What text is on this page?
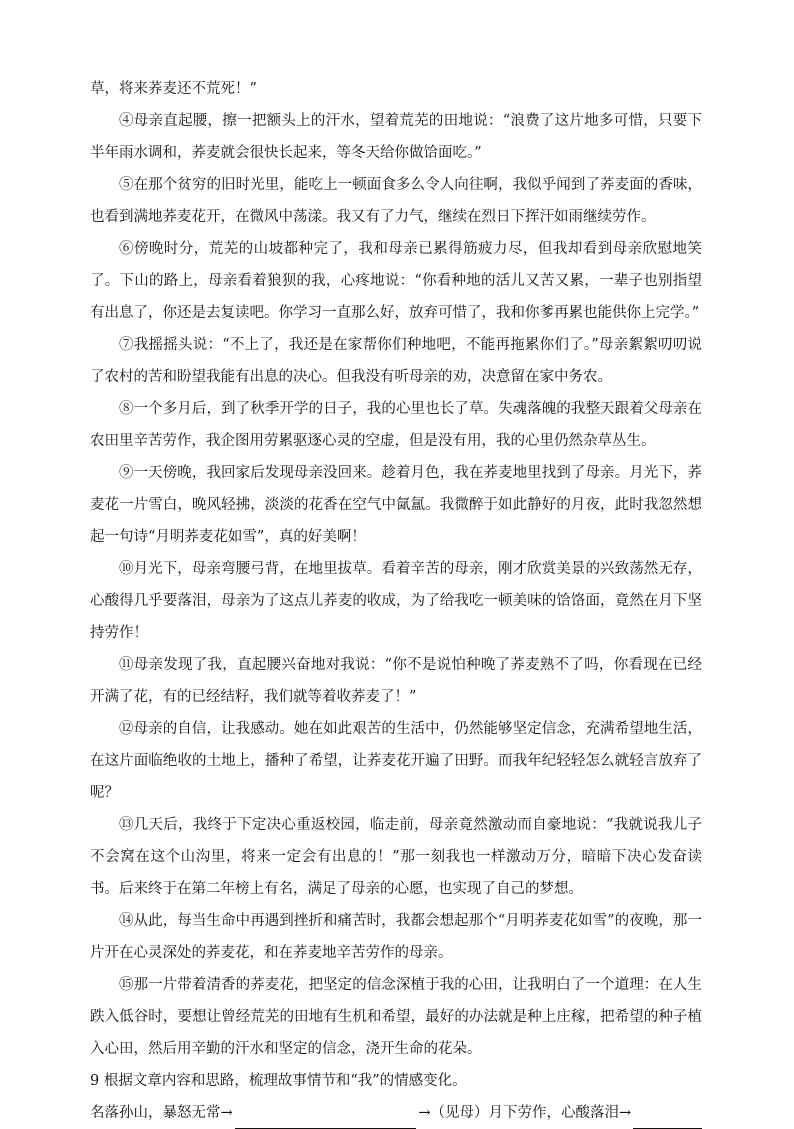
草，将来荞麦还不荒死！”

④母亲直起腰，擦一把额头上的汗水，望着荒芜的田地说：“浪费了这片地多可惜，只要下半年雨水调和，荞麦就会很快长起来，等冬天给你做饸面吃。”

⑤在那个贫穷的旧时光里，能吃上一顿面食多么令人向往啊，我似乎闻到了荞麦面的香味，也看到满地荞麦花开，在微风中荡漾。我又有了力气，继续在烈日下挥汗如雨继续劳作。

⑥傍晚时分，荒芜的山坡都种完了，我和母亲已累得筋疲力尽，但我却看到母亲欣慰地笑了。下山的路上，母亲看着狼狈的我，心疼地说：“你看种地的活儿又苦又累，一辈子也别指望有出息了，你还是去复读吧。你学习一直那么好，放弃可惜了，我和你爹再累也能供你上完学。”

⑦我摇摇头说：“不上了，我还是在家帮你们种地吧，不能再拖累你们了。”母亲絮絮叨叨说了农村的苦和盼望我能有出息的决心。但我没有听母亲的劝，决意留在家中务农。

⑧一个多月后，到了秋季开学的日子，我的心里也长了草。失魂落魄的我整天跟着父母亲在农田里辛苦劳作，我企图用劳累驱逐心灵的空虚，但是没有用，我的心里仍然杂草丛生。

⑨一天傍晚，我回家后发现母亲没回来。趁着月色，我在荞麦地里找到了母亲。月光下，荞麦花一片雪白，晚风轻拂，淡淡的花香在空气中氤氲。我微醉于如此静好的月夜，此时我忽然想起一句诗“月明荞麦花如雪”，真的好美啊！

⑩月光下，母亲弯腰弓背，在地里拔草。看着辛苦的母亲，刚才欣赏美景的兴致荡然无存，心酸得几乎要落泪，母亲为了这点儿荞麦的收成，为了给我吃一顿美味的饸饹面，竟然在月下坚持劳作！

⑪母亲发现了我，直起腰兴奋地对我说：“你不是说怕种晚了荞麦熟不了吗，你看现在已经开满了花，有的已经结籽，我们就等着收荞麦了！”

⑫母亲的自信，让我感动。她在如此艰苦的生活中，仍然能够坚定信念，充满希望地生活，在这片面临绝收的土地上，播种了希望，让荞麦花开遍了田野。而我年纪轻轻怎么就轻言放弃了呢？

⑬几天后，我终于下定决心重返校园，临走前，母亲竟然激动而自豪地说：“我就说我儿子不会窝在这个山沟里，将来一定会有出息的！”那一刻我也一样激动万分，暗暗下决心发奋读书。后来终于在第二年榜上有名，满足了母亲的心愿，也实现了自己的梦想。

⑭从此，每当生命中再遇到挫折和痛苦时，我都会想起那个“月明荞麦花如雪”的夜晚，那一片开在心灵深处的荞麦花，和在荞麦地辛苦劳作的母亲。

⑮那一片带着清香的荞麦花，把坚定的信念深植于我的心田，让我明白了一个道理：在人生跌入低谷时，要想让曾经荒芜的田地有生机和希望，最好的办法就是种上庄稼，把希望的种子植入心田，然后用辛勤的汗水和坚定的信念，浇开生命的花朵。

9 根据文章内容和思路，梳理故事情节和“我”的情感变化。

名落孙山，暴怒无常→	→（见母）月下劳作，心酸落泪→
